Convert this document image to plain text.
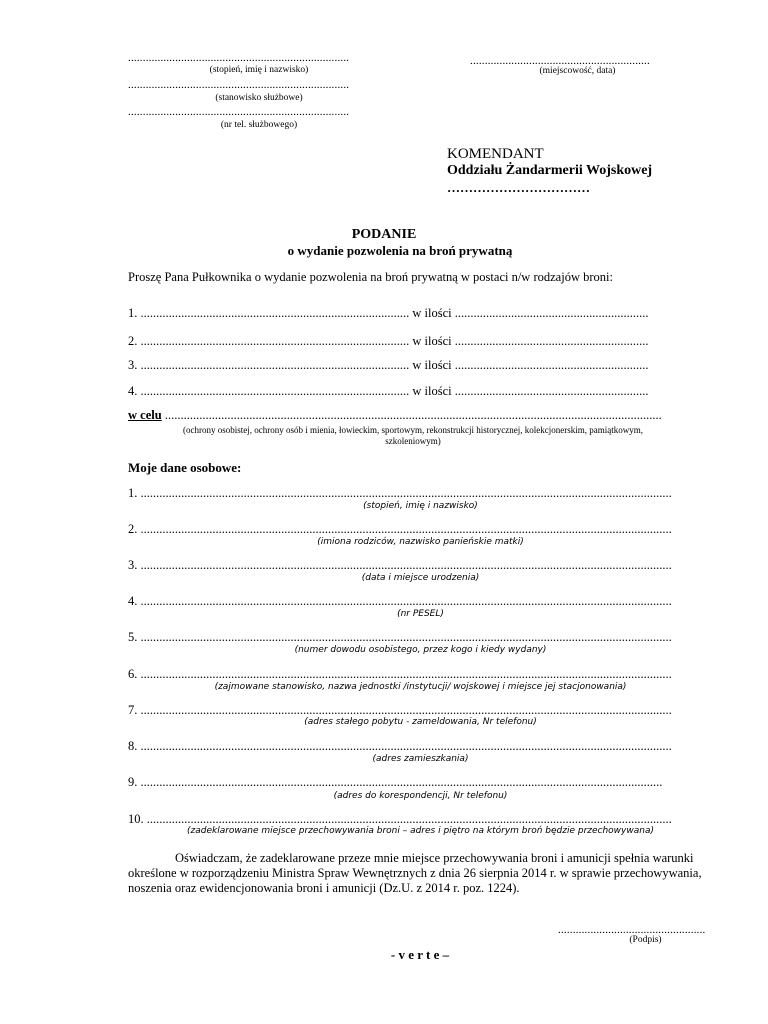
...........................................................................
(stopień, imię i nazwisko)
...........................................................................
(stanowisko służbowe)
...........................................................................
(nr tel. służbowego)
.............................................................
(miejscowość, data)
KOMENDANT
Oddziału Żandarmerii Wojskowej
……………………………
PODANIE
o wydanie pozwolenia na broń prywatną
Proszę Pana Pułkownika o wydanie pozwolenia na broń prywatną w postaci n/w rodzajów broni:
1. ...................................................................................... w ilości ..............................................................
2. ...................................................................................... w ilości ..............................................................
3. ...................................................................................... w ilości ..............................................................
4. ...................................................................................... w ilości ..............................................................
w celu ...............................................................................................................................................................
(ochrony osobistej, ochrony osób i mienia, łowieckim, sportowym, rekonstrukcji historycznej, kolekcjonerskim, pamiątkowym,
szkoleniowym)
Moje dane osobowe:
1. ..........................................................................................................................................................................
(stopień, imię i nazwisko)
2. ..........................................................................................................................................................................
(imiona rodziców, nazwisko panieńskie matki)
3. ..........................................................................................................................................................................
(data i miejsce urodzenia)
4. ..........................................................................................................................................................................
(nr PESEL)
5. ..........................................................................................................................................................................
(numer dowodu osobistego, przez kogo i kiedy wydany)
6. ..........................................................................................................................................................................
(zajmowane stanowisko, nazwa jednostki /instytucji/ wojskowej i miejsce jej stacjonowania)
7. ..........................................................................................................................................................................
(adres stałego pobytu - zameldowania, Nr telefonu)
8. ..........................................................................................................................................................................
(adres zamieszkania)
9. .......................................................................................................................................................................
(adres do korespondencji, Nr telefonu)
10. ........................................................................................................................................................................
(zadeklarowane miejsce przechowywania broni – adres i piętro na którym broń będzie przechowywana)
Oświadczam, że zadeklarowane przeze mnie miejsce przechowywania broni i amunicji spełnia warunki
określone w rozporządzeniu Ministra Spraw Wewnętrznych z dnia 26 sierpnia 2014 r. w sprawie przechowywania,
noszenia oraz ewidencjonowania broni i amunicji (Dz.U. z 2014 r. poz. 1224).
..................................................
(Podpis)
- v e r t e –
